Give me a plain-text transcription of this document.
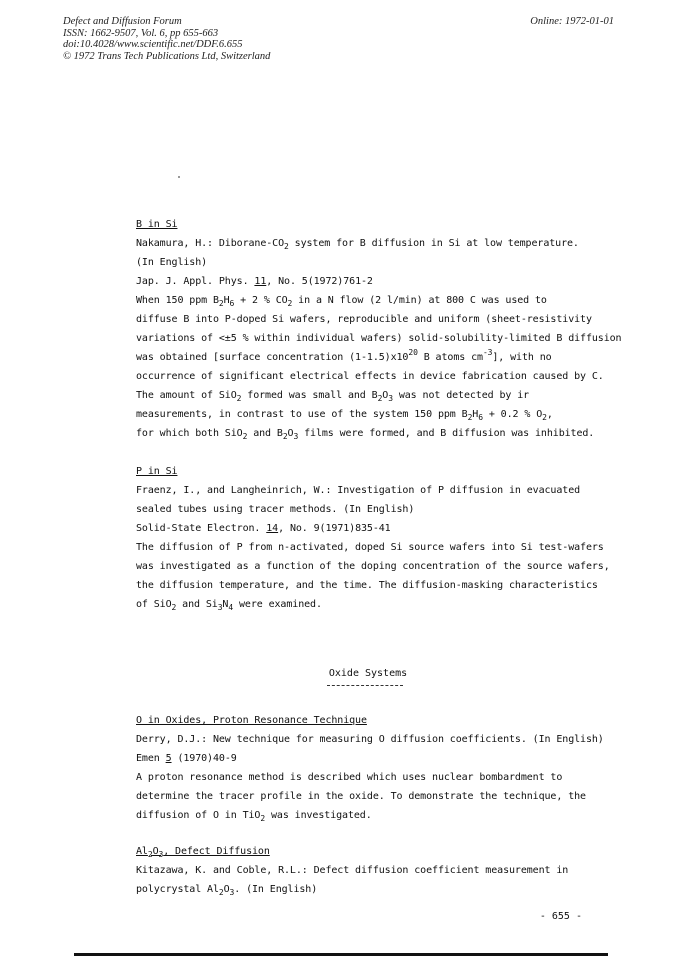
Defect and Diffusion Forum
ISSN: 1662-9507, Vol. 6, pp 655-663
doi:10.4028/www.scientific.net/DDF.6.655
© 1972 Trans Tech Publications Ltd, Switzerland
Online: 1972-01-01

B in Si

Nakamura, H.: Diborane-$CO_2$ system for B diffusion in Si at low temperature.

(In English)

Jap. J. Appl. Phys. 11, No. 5(1972)761-2

When 150 ppm $B_2H_6 + 2$ % $CO_2$ in a N flow (2 l/min) at 800 C was used to

diffuse B into P-doped Si wafers, reproducible and uniform (sheet-resistivity

variations of <±5 % within individual wafers) solid-solubility-limited B diffusion

was obtained [surface concentration $(1-1.5)x10^{20}$ B atoms $cm^{-3}$], with no

occurrence of significant electrical effects in device fabrication caused by C.

The amount of SiO$_2$ formed was small and $B_2O_3$ was not detected by ir

measurements, in contrast to use of the system 150 ppm $B_2H_6 + 0.2$ % $O_2$,

for which both SiO$_2$ and $B_2O_3$ films were formed, and B diffusion was inhibited.

P in Si

Fraenz, I., and Langheinrich, W.: Investigation of P diffusion in evacuated

sealed tubes using tracer methods. (In English)

Solid-State Electron. 14, No. 9(1971)835-41

The diffusion of P from n-activated, doped Si source wafers into Si test-wafers

was investigated as a function of the doping concentration of the source wafers,

the diffusion temperature, and the time. The diffusion-masking characteristics

of SiO$_2$ and $Si_3N_4$ were examined.

Oxide Systems

O in Oxides, Proton Resonance Technique

Derry, D.J.: New technique for measuring O diffusion coefficients. (In English)

Emen 5 (1970)40-9

A proton resonance method is described which uses nuclear bombardment to

determine the tracer profile in the oxide. To demonstrate the technique, the

diffusion of O in TiO$_2$ was investigated.

$Al_2O_3$, Defect Diffusion

Kitazawa, K. and Coble, R.L.: Defect diffusion coefficient measurement in

polycrystal $Al_2O_3$. (In English)

- 655 -
